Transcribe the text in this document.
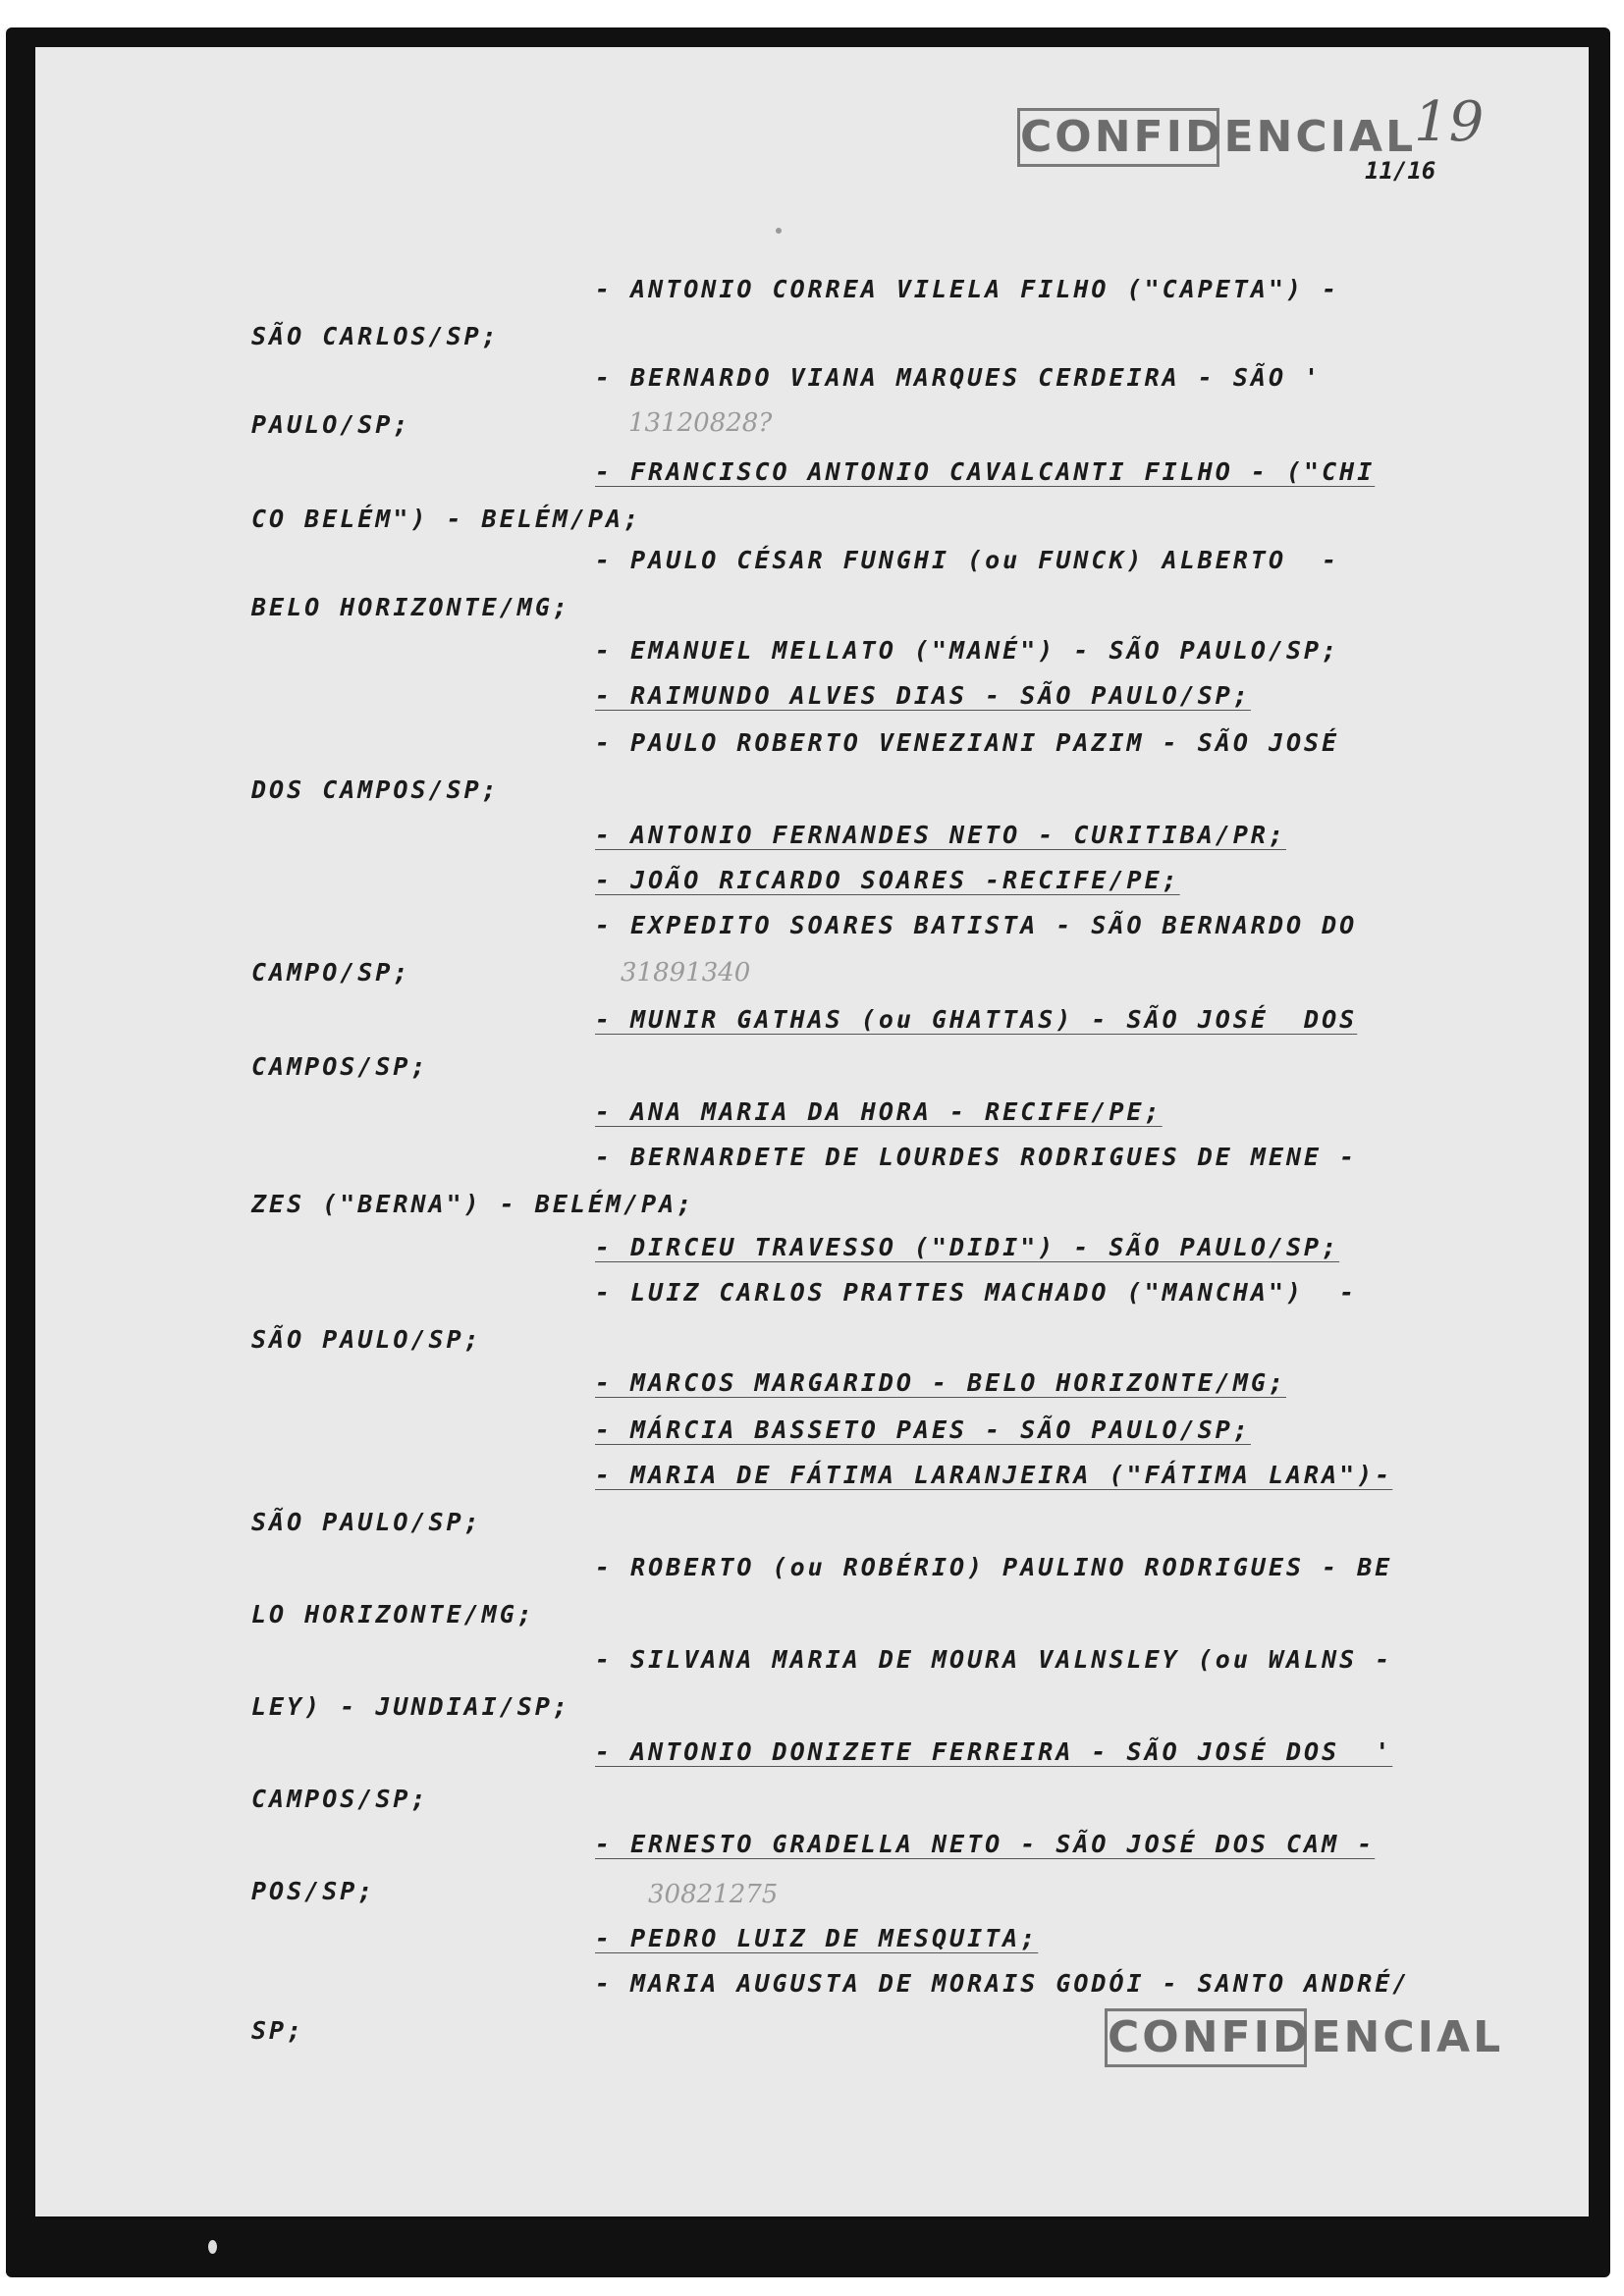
CONFIDENCIAL
19
11/16
13120828?
31891340
30821275
- ANTONIO CORREA VILELA FILHO ("CAPETA") -
SÃO CARLOS/SP;
- BERNARDO VIANA MARQUES CERDEIRA - SÃO '
PAULO/SP;
- FRANCISCO ANTONIO CAVALCANTI FILHO - ("CHI
CO BELÉM") - BELÉM/PA;
- PAULO CÉSAR FUNGHI (ou FUNCK) ALBERTO  -
BELO HORIZONTE/MG;
- EMANUEL MELLATO ("MANÉ") - SÃO PAULO/SP;
- RAIMUNDO ALVES DIAS - SÃO PAULO/SP;
- PAULO ROBERTO VENEZIANI PAZIM - SÃO JOSÉ
DOS CAMPOS/SP;
- ANTONIO FERNANDES NETO - CURITIBA/PR;
- JOÃO RICARDO SOARES -RECIFE/PE;
- EXPEDITO SOARES BATISTA - SÃO BERNARDO DO
CAMPO/SP;
- MUNIR GATHAS (ou GHATTAS) - SÃO JOSÉ  DOS
CAMPOS/SP;
- ANA MARIA DA HORA - RECIFE/PE;
- BERNARDETE DE LOURDES RODRIGUES DE MENE -
ZES ("BERNA") - BELÉM/PA;
- DIRCEU TRAVESSO ("DIDI") - SÃO PAULO/SP;
- LUIZ CARLOS PRATTES MACHADO ("MANCHA")  -
SÃO PAULO/SP;
- MARCOS MARGARIDO - BELO HORIZONTE/MG;
- MÁRCIA BASSETO PAES - SÃO PAULO/SP;
- MARIA DE FÁTIMA LARANJEIRA ("FÁTIMA LARA")-
SÃO PAULO/SP;
- ROBERTO (ou ROBÉRIO) PAULINO RODRIGUES - BE
LO HORIZONTE/MG;
- SILVANA MARIA DE MOURA VALNSLEY (ou WALNS -
LEY) - JUNDIAI/SP;
- ANTONIO DONIZETE FERREIRA - SÃO JOSÉ DOS  '
CAMPOS/SP;
- ERNESTO GRADELLA NETO - SÃO JOSÉ DOS CAM -
POS/SP;
- PEDRO LUIZ DE MESQUITA;
- MARIA AUGUSTA DE MORAIS GODÓI - SANTO ANDRÉ/
SP;	CONFIDENCIAL
